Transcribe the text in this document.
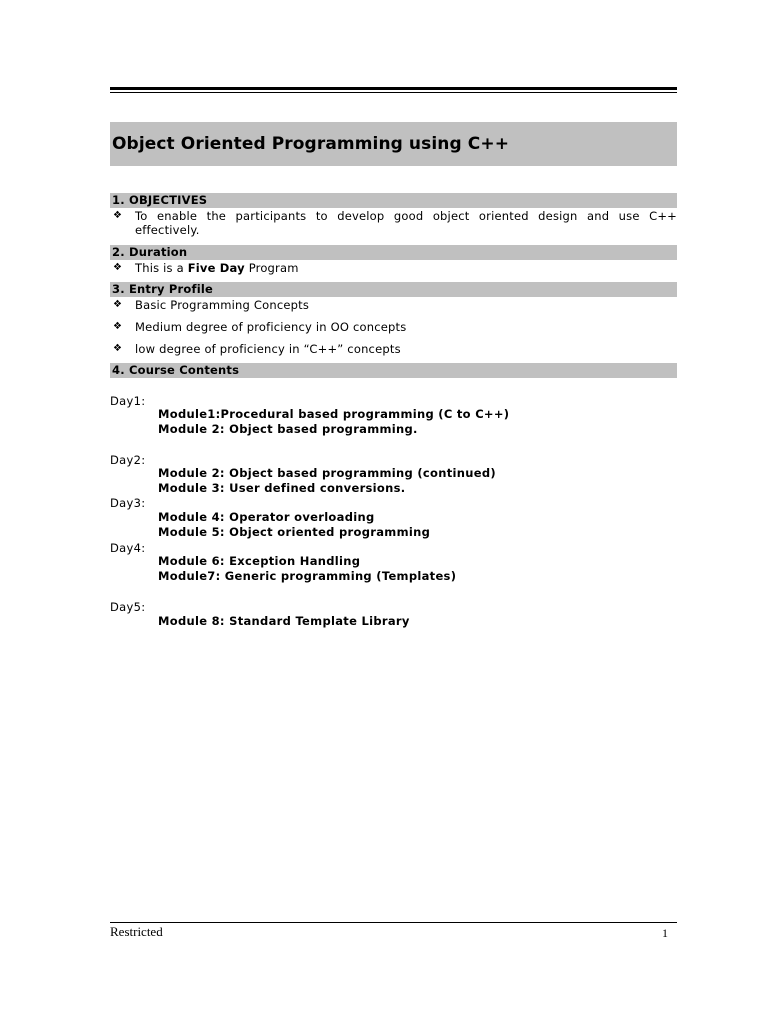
Object Oriented Programming using C++
1. OBJECTIVES
❖ To enable the participants to develop good object oriented design and use C++ effectively.
2. Duration
❖ This is a Five Day Program
3. Entry Profile
❖ Basic Programming Concepts
❖ Medium degree of proficiency in OO concepts
❖ low degree of proficiency in “C++” concepts
4. Course Contents
Day1:
Module1:Procedural based programming (C to C++)
Module 2: Object based programming.
Day2:
Module 2: Object based programming (continued)
Module 3: User defined conversions.
Day3:
Module 4: Operator overloading
Module 5: Object oriented programming
Day4:
Module 6: Exception Handling
Module7: Generic programming (Templates)
Day5:
Module 8: Standard Template Library
Restricted	1
